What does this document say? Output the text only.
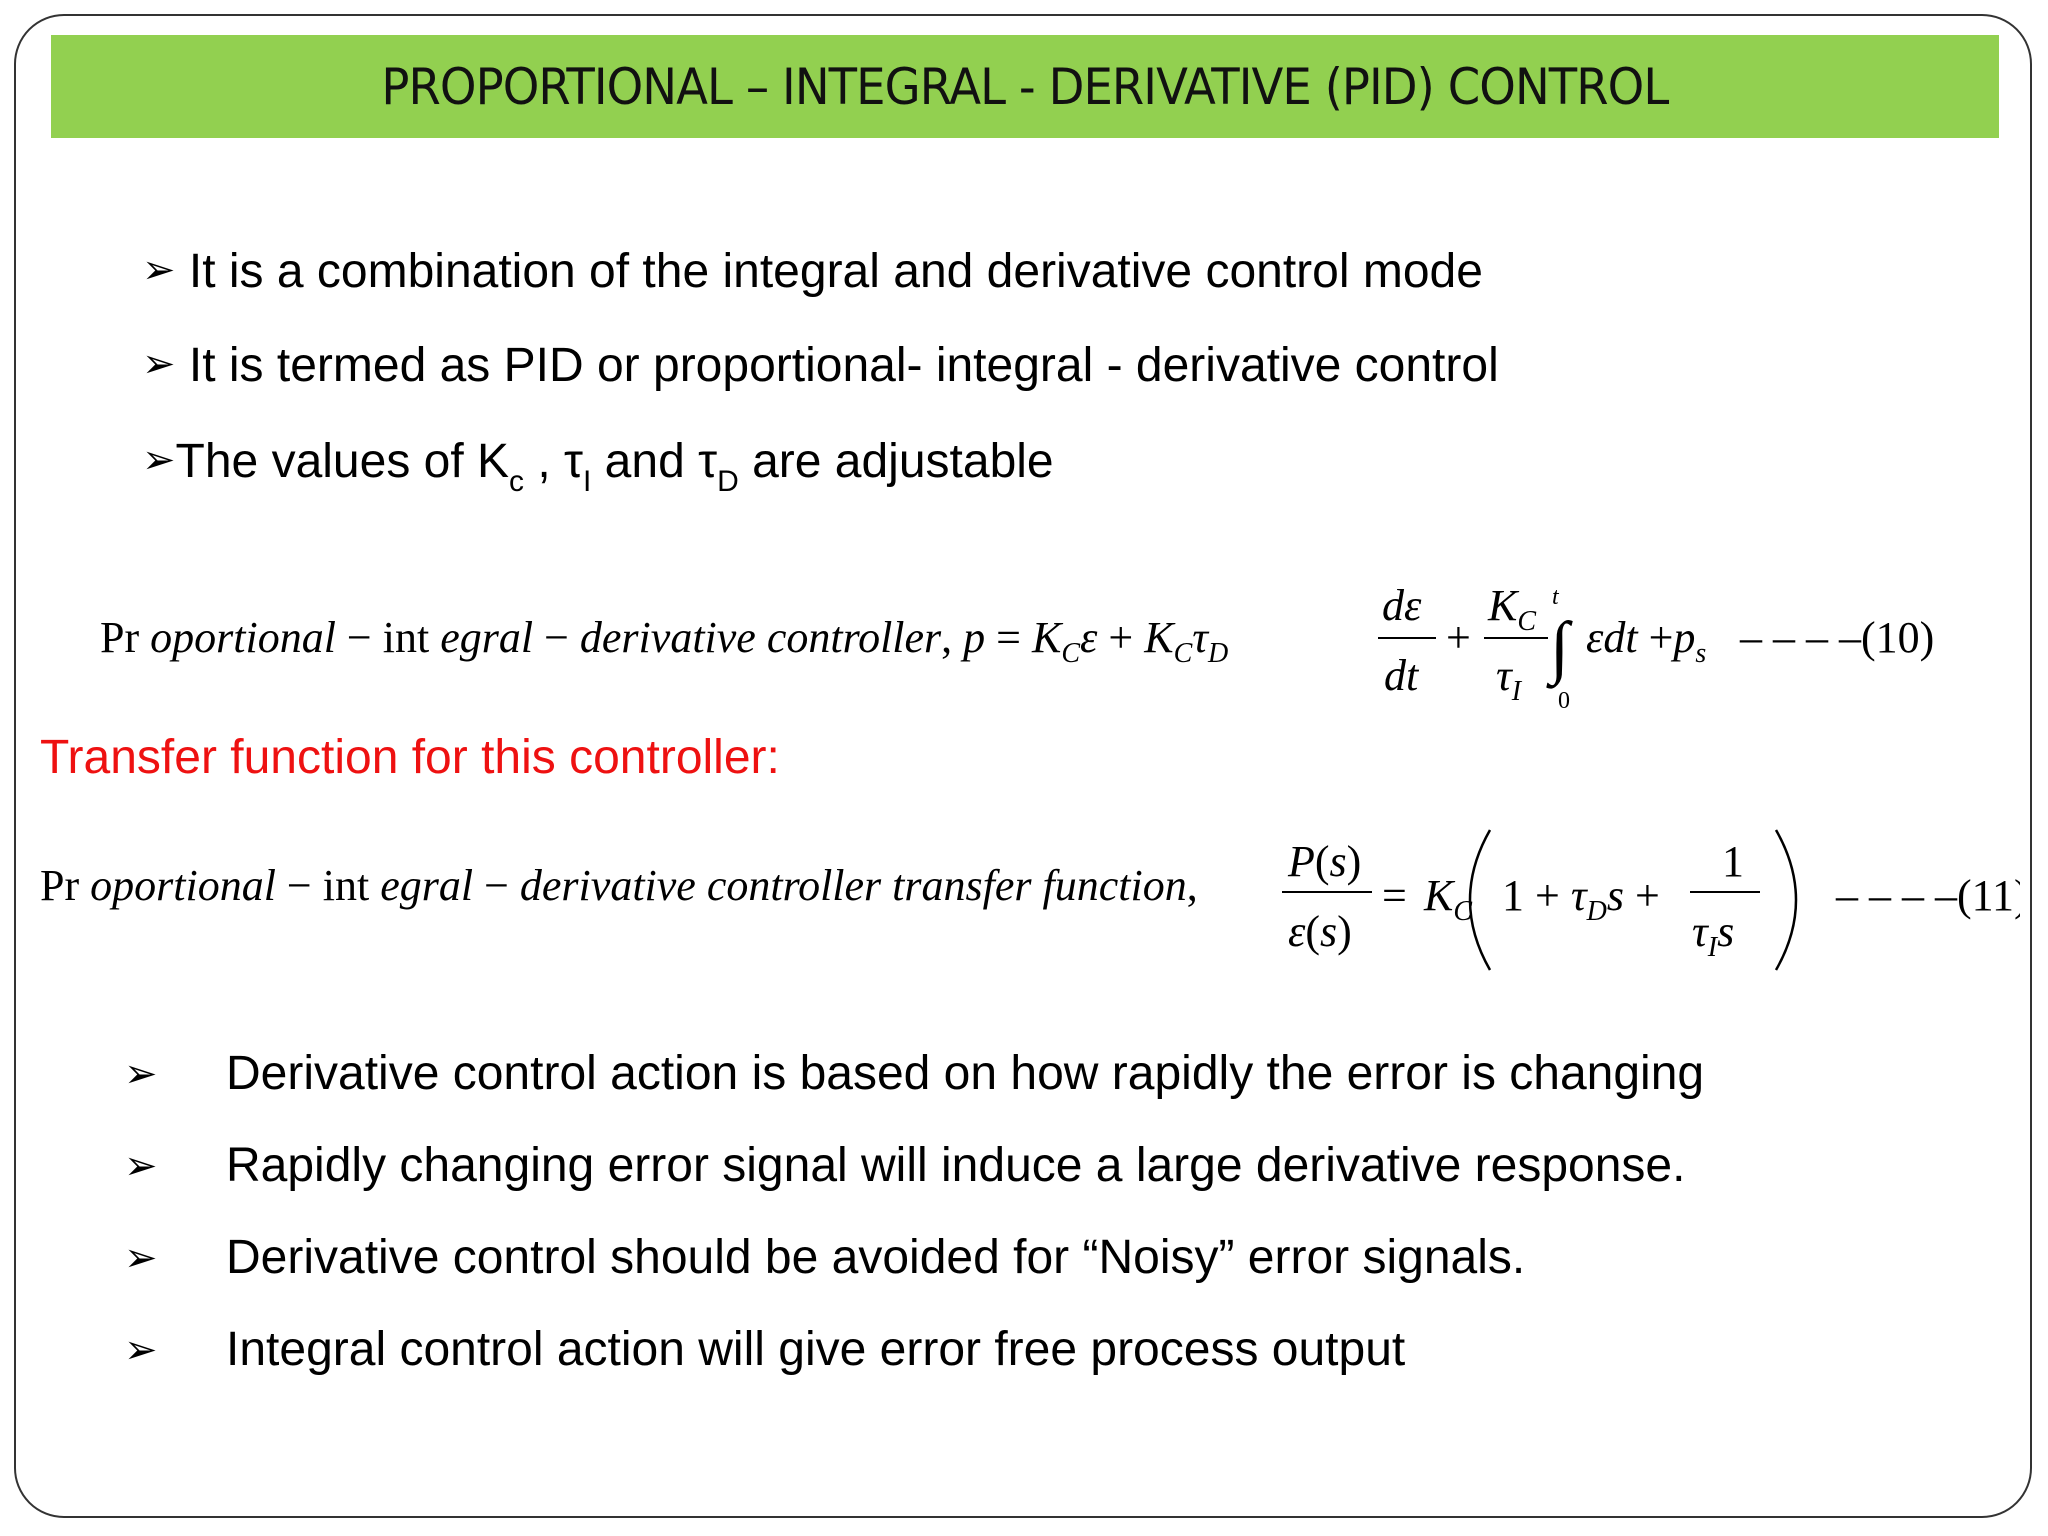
PROPORTIONAL – INTEGRAL - DERIVATIVE (PID) CONTROL
➢ It is a combination of the integral and derivative control mode
➢ It is termed as PID or proportional- integral - derivative control
➢The values of $K_c$ , $\tau_I$ and $\tau_D$ are adjustable
Pr oportional − int egral − derivative controller, $p = K_C\varepsilon + K_C\tau_D$
dε
dt
+
$K_C$
$\tau_I$
t
∫
0
$\varepsilon dt +p_s$ – – – –(10)
Transfer function for this controller:
Pr oportional − int egral − derivative controller transfer function, P(s)
ε(s)
= $K_C$ $1 + \tau_Ds$ +
1
$\tau_Is$
– – – –(11)
➢ Derivative control action is based on how rapidly the error is changing
➢ Rapidly changing error signal will induce a large derivative response.
➢ Derivative control should be avoided for “Noisy” error signals.
➢ Integral control action will give error free process output
